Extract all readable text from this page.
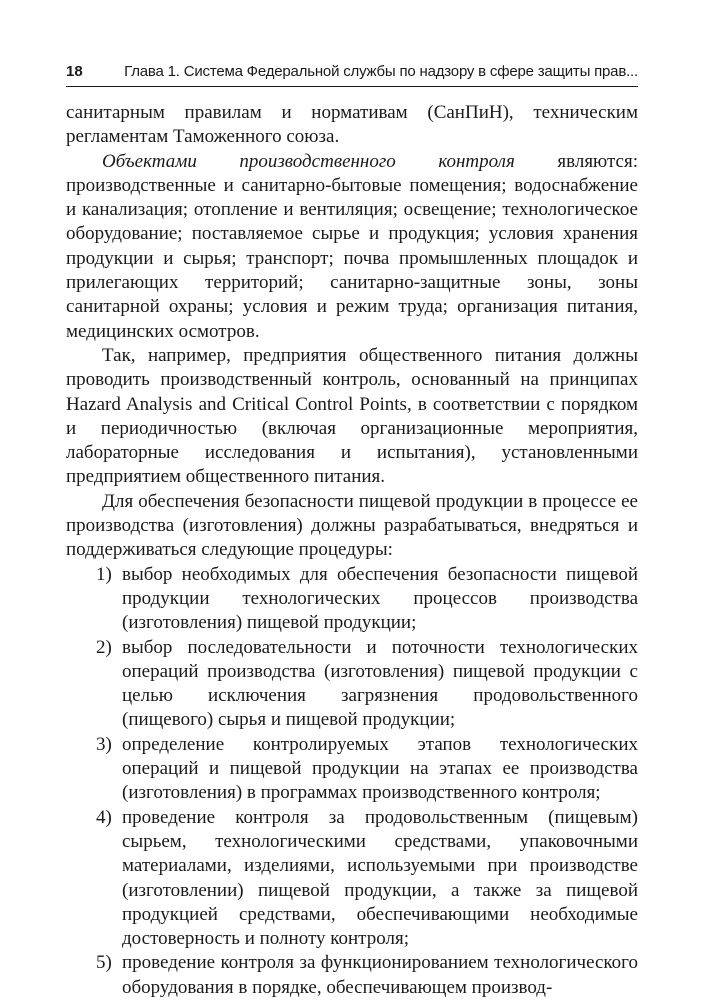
18	Глава 1. Система Федеральной службы по надзору в сфере защиты прав...

санитарным правилам и нормативам (СанПиН), техническим регламентам Таможенного союза.

Объектами производственного контроля являются: производственные и санитарно-бытовые помещения; водоснабжение и канализация; отопление и вентиляция; освещение; технологическое оборудование; поставляемое сырье и продукция; условия хранения продукции и сырья; транспорт; почва промышленных площадок и прилегающих территорий; санитарно-защитные зоны, зоны санитарной охраны; условия и режим труда; организация питания, медицинских осмотров.

Так, например, предприятия общественного питания должны проводить производственный контроль, основанный на принципах Hazard Analysis and Critical Control Points, в соответствии с порядком и периодичностью (включая организационные мероприятия, лабораторные исследования и испытания), установленными предприятием общественного питания.

Для обеспечения безопасности пищевой продукции в процессе ее производства (изготовления) должны разрабатываться, внедряться и поддерживаться следующие процедуры:

1) выбор необходимых для обеспечения безопасности пищевой продукции технологических процессов производства (изготовления) пищевой продукции;
2) выбор последовательности и поточности технологических операций производства (изготовления) пищевой продукции с целью исключения загрязнения продовольственного (пищевого) сырья и пищевой продукции;
3) определение контролируемых этапов технологических операций и пищевой продукции на этапах ее производства (изготовления) в программах производственного контроля;
4) проведение контроля за продовольственным (пищевым) сырьем, технологическими средствами, упаковочными материалами, изделиями, используемыми при производстве (изготовлении) пищевой продукции, а также за пищевой продукцией средствами, обеспечивающими необходимые достоверность и полноту контроля;
5) проведение контроля за функционированием технологического оборудования в порядке, обеспечивающем производ-
